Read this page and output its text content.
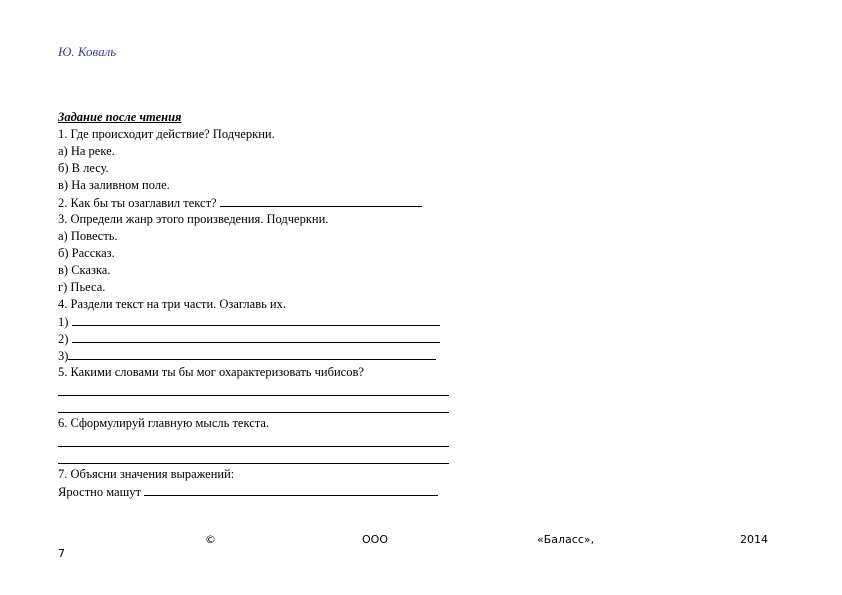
Ю. Коваль
Задание после чтения
1. Где происходит действие? Подчеркни.
а) На реке.
б) В лесу.
в) На заливном поле.
2. Как бы ты озаглавил текст?
3. Определи жанр этого произведения. Подчеркни.
а) Повесть.
б) Рассказ.
в) Сказка.
г) Пьеса.
4. Раздели текст на три части. Озаглавь их.
1)
2)
3)
5. Какими словами ты бы мог охарактеризовать чибисов?
6. Сформулируй главную мысль текста.
7. Объясни значения выражений:
Яростно машут
©	ООО	«Баласс»,	2014
7
